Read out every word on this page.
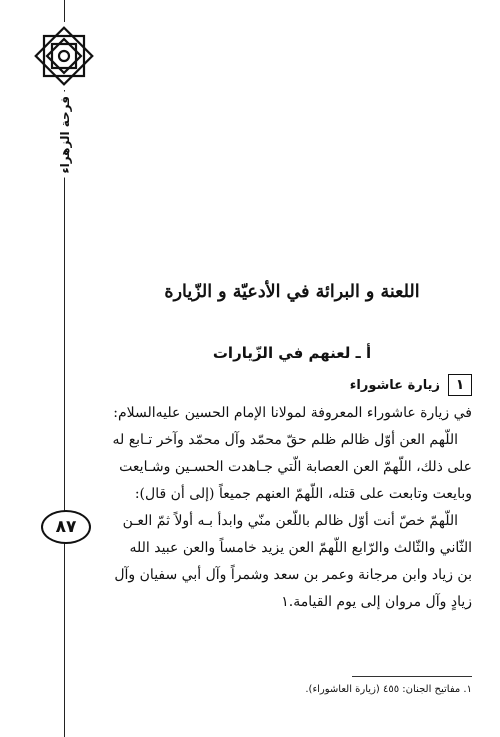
فرحة الزهراء
٨٧
اللعنة و البرائة في الأدعيّة و الزّيارة
أ ـ لعنهم في الزّيارات
١
زيارة عاشوراء

في زيارة عاشوراء المعروفة لمولانا الإمام الحسين عليه‌السلام:

اللّهم العن أوّل ظالم ظلم حقّ محمّد وآل محمّد وآخر تـابع له على ذلك، اللّهمّ العن العصابة الّتي جـاهدت الحسـين وشـايعت وبايعت وتابعت على قتله، اللّهمّ العنهم جميعاً (إلى أن قال):

اللّهمّ خصّ أنت أوّل ظالم باللّعن منّي وابدأ بـه أولاً ثمّ العـن الثّاني والثّالث والرّابع اللّهمّ العن يزيد خامساً والعن عبيد الله بن زياد وابن مرجانة وعمر بن سعد وشمراً وآل أبي سفيان وآل زيادٍ وآل مروان إلى يوم القيامة.١

١. مفاتيح الجنان: ٤٥٥ (زيارة العاشوراء).
